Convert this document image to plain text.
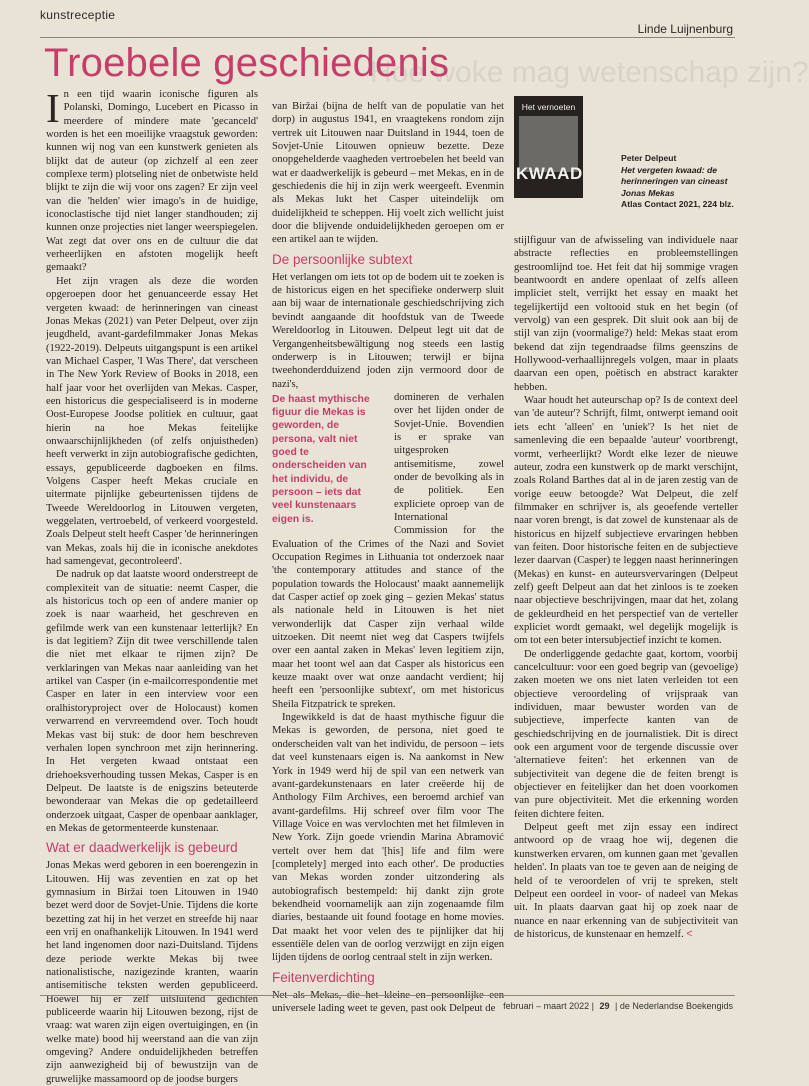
kunstreceptie
Linde Luijnenburg
Hoe woke mag wetenschap zijn?
Troebele geschiedenis

In een tijd waarin iconische figuren als Polanski, Domingo, Lucebert en Picasso in meerdere of mindere mate 'gecanceld' worden is het een moeilijke vraagstuk geworden: kunnen wij nog van een kunstwerk genieten als blijkt dat de auteur (op zichzelf al een zeer complexe term) plotseling niet de onbetwiste held blijkt te zijn die wij voor ons zagen? Er zijn veel van die 'helden' wier imago's in de huidige, iconoclastische tijd niet langer standhouden; zij kunnen onze projecties niet langer weerspiegelen. Wat zegt dat over ons en de cultuur die dat verheerlijken en afstoten mogelijk heeft gemaakt?

Het zijn vragen als deze die worden opgeroepen door het genuanceerde essay Het vergeten kwaad: de herinneringen van cineast Jonas Mekas (2021) van Peter Delpeut, over zijn jeugdheld, avant-gardefilmmaker Jonas Mekas (1922-2019). Delpeuts uitgangspunt is een artikel van Michael Casper, 'I Was There', dat verscheen in The New York Review of Books in 2018, een half jaar voor het overlijden van Mekas. Casper, een historicus die gespecialiseerd is in moderne Oost-Europese Joodse politiek en cultuur, gaat hierin na hoe Mekas feitelijke onwaarschijnlijkheden (of zelfs onjuistheden) heeft verwerkt in zijn autobiografische gedichten, essays, gepubliceerde dagboeken en films. Volgens Casper heeft Mekas cruciale en uitermate pijnlijke gebeurtenissen tijdens de Tweede Wereldoorlog in Litouwen vergeten, weggelaten, vertroebeld, of verkeerd voorgesteld. Zoals Delpeut stelt heeft Casper 'de herinneringen van Mekas, zoals hij die in iconische anekdotes had samengevat, gecontroleerd'.

De nadruk op dat laatste woord onderstreept de complexiteit van de situatie: neemt Casper, die als historicus toch op een of andere manier op zoek is naar waarheid, het geschreven en gefilmde werk van een kunstenaar letterlijk? En is dat legitiem? Zijn dit twee verschillende talen die niet met elkaar te rijmen zijn? De verklaringen van Mekas naar aanleiding van het artikel van Casper (in e-mailcorrespondentie met Casper en later in een interview voor een oralhistoryproject over de Holocaust) komen verwarrend en vervreemdend over. Toch houdt Mekas vast bij stuk: de door hem beschreven verhalen lopen synchroon met zijn herinnering. In Het vergeten kwaad ontstaat een driehoeksverhouding tussen Mekas, Casper is en Delpeut. De laatste is de enigszins beteuterde bewonderaar van Mekas die op gedetailleerd onderzoek uitgaat, Casper de openbaar aanklager, en Mekas de getormenteerde kunstenaar.

Wat er daadwerkelijk is gebeurd

Jonas Mekas werd geboren in een boerengezin in Litouwen. Hij was zeventien en zat op het gymnasium in Biržai toen Litouwen in 1940 bezet werd door de Sovjet-Unie. Tijdens die korte bezetting zat hij in het verzet en streefde hij naar een vrij en onafhankelijk Litouwen. In 1941 werd het land ingenomen door nazi-Duitsland. Tijdens deze periode werkte Mekas bij twee nationalistische, nazigezinde kranten, waarin antisemitische teksten werden gepubliceerd. Hoewel hij er zelf uitsluitend gedichten publiceerde waarin hij Litouwen bezong, rijst de vraag: wat waren zijn eigen overtuigingen, en (in welke mate) bood hij weerstand aan die van zijn omgeving? Andere onduidelijkheden betreffen zijn aanwezigheid bij of bewustzijn van de gruwelijke massamoord op de joodse burgers

van Biržai (bijna de helft van de populatie van het dorp) in augustus 1941, en vraagtekens rondom zijn vertrek uit Litouwen naar Duitsland in 1944, toen de Sovjet-Unie Litouwen opnieuw bezette. Deze onopgehelderde vaagheden vertroebelen het beeld van wat er daadwerkelijk is gebeurd – met Mekas, en in de geschiedenis die hij in zijn werk weergeeft. Evenmin als Mekas lukt het Casper uiteindelijk om duidelijkheid te scheppen. Hij voelt zich wellicht juist door die blijvende onduidelijkheden geroepen om er een artikel aan te wijden.

De persoonlijke subtext

Het verlangen om iets tot op de bodem uit te zoeken is de historicus eigen en het specifieke onderwerp sluit aan bij waar de internationale geschiedschrijving zich bevindt aangaande dit hoofdstuk van de Tweede Wereldoorlog in Litouwen. Delpeut legt uit dat de Vergangenheitsbewältigung nog steeds een lastig onderwerp is in Litouwen; terwijl er bijna tweehonderdduizend joden zijn vermoord door de nazi's,

De haast mythische figuur die Mekas is geworden, de persona, valt niet goed te onderscheiden van het individu, de persoon – iets dat veel kunstenaars eigen is.

domineren de verhalen over het lijden onder de Sovjet-Unie. Bovendien is er sprake van uitgesproken antisemitisme, zowel onder de bevolking als in de politiek. Een expliciete oproep van de International Commission for the Evaluation of the Crimes of the Nazi and Soviet Occupation Regimes in Lithuania tot onderzoek naar 'the contemporary attitudes and stance of the population towards the Holocaust' maakt aannemelijk dat Casper actief op zoek ging – gezien Mekas' status als nationale held in Litouwen is het niet verwonderlijk dat Casper zijn verhaal wilde uitzoeken. Dit neemt niet weg dat Caspers twijfels over een aantal zaken in Mekas' leven legitiem zijn, maar het toont wel aan dat Casper als historicus een keuze maakt over wat onze aandacht verdient; hij heeft een 'persoonlijke subtext', om met historicus Sheila Fitzpatrick te spreken.

Ingewikkeld is dat de haast mythische figuur die Mekas is geworden, de persona, niet goed te onderscheiden valt van het individu, de persoon – iets dat veel kunstenaars eigen is. Na aankomst in New York in 1949 werd hij de spil van een netwerk van avant-gardekunstenaars en later creëerde hij de Anthology Film Archives, een beroemd archief van avant-gardefilms. Hij schreef over film voor The Village Voice en was vervlochten met het filmleven in New York. Zijn goede vriendin Marina Abramović vertelt over hem dat '[his] life and film were [completely] merged into each other'. De producties van Mekas worden zonder uitzondering als autobiografisch bestempeld: hij dankt zijn grote bekendheid voornamelijk aan zijn zogenaamde film diaries, bestaande uit found footage en home movies. Dat maakt het voor velen des te pijnlijker dat hij essentiële delen van de oorlog verzwijgt en zijn eigen lijden tijdens de oorlog centraal stelt in zijn werken.

Feitenverdichting

Net als Mekas, die het kleine en persoonlijke een universele lading weet te geven, past ook Delpeut de

Het vernoeten
KWAAD
Peter Delpeut
Het vergeten kwaad: de herinneringen van cineast Jonas Mekas
Atlas Contact 2021, 224 blz.

stijlfiguur van de afwisseling van individuele naar abstracte reflecties en probleemstellingen gestroomlijnd toe. Het feit dat hij sommige vragen beantwoordt en andere openlaat of zelfs alleen impliciet stelt, verrijkt het essay en maakt het tegelijkertijd een voltooid stuk en het begin (of vervolg) van een gesprek. Dit sluit ook aan bij de stijl van zijn (voormalige?) held: Mekas staat erom bekend dat zijn tegendraadse films geenszins de Hollywood-verhaallijnregels volgen, maar in plaats daarvan een open, poëtisch en abstract karakter hebben.

Waar houdt het auteurschap op? Is de context deel van 'de auteur'? Schrijft, filmt, ontwerpt iemand ooit iets echt 'alleen' en 'uniek'? Is het niet de samenleving die een bepaalde 'auteur' voortbrengt, vormt, verheerlijkt? Wordt elke lezer de nieuwe auteur, zodra een kunstwerk op de markt verschijnt, zoals Roland Barthes dat al in de jaren zestig van de vorige eeuw betoogde? Wat Delpeut, die zelf filmmaker en schrijver is, als geoefende verteller naar voren brengt, is dat zowel de kunstenaar als de historicus en hijzelf subjectieve ervaringen hebben van feiten. Door historische feiten en de subjectieve lezer daarvan (Casper) te leggen naast herinneringen (Mekas) en kunst- en auteursvervaringen (Delpeut zelf) geeft Delpeut aan dat het zinloos is te zoeken naar objectieve beschrijvingen, maar dat het, zolang de gekleurdheid en het perspectief van de verteller expliciet wordt gemaakt, wel degelijk mogelijk is om tot een beter intersubjectief inzicht te komen.

De onderliggende gedachte gaat, kortom, voorbij cancelcultuur: voor een goed begrip van (gevoelige) zaken moeten we ons niet laten verleiden tot een objectieve veroordeling of vrijspraak van individuen, maar bewuster worden van de subjectieve, imperfecte kanten van de geschiedschrijving en de journalistiek. Dit is direct ook een argument voor de tergende discussie over 'alternatieve feiten': het erkennen van de subjectiviteit van degene die de feiten brengt is objectiever en feitelijker dan het doen voorkomen van pure objectiviteit. Met die erkenning worden feiten dichtere feiten.

Delpeut geeft met zijn essay een indirect antwoord op de vraag hoe wij, degenen die kunstwerken ervaren, om kunnen gaan met 'gevallen helden'. In plaats van toe te geven aan de neiging de held of te veroordelen of vrij te spreken, stelt Delpeut een oordeel in voor- of nadeel van Mekas uit. In plaats daarvan gaat hij op zoek naar de nuance en naar erkenning van de subjectiviteit van de historicus, de kunstenaar en hemzelf. <

februari – maart 2022 | 29 | de Nederlandse Boekengids
